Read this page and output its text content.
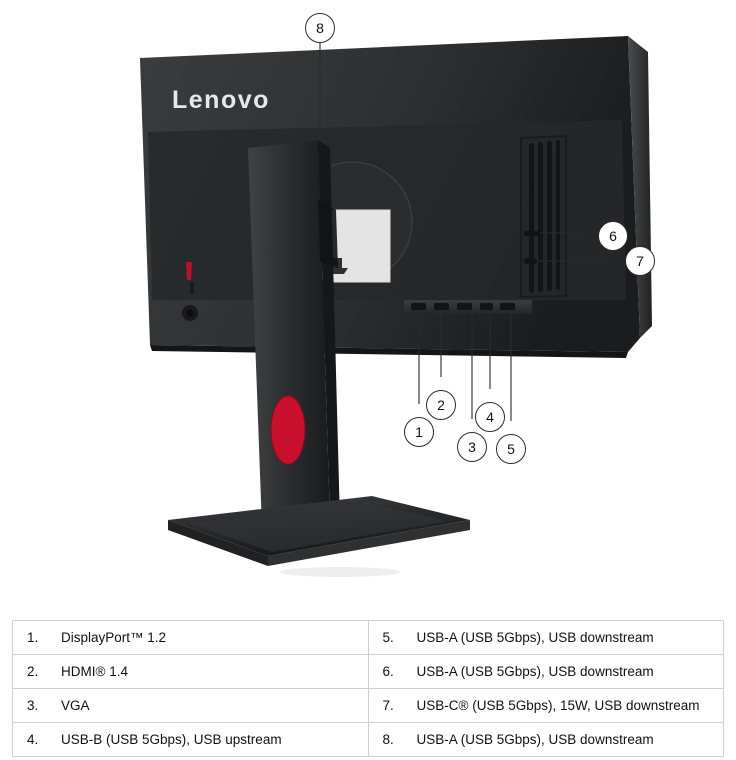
Lenovo
1
2
3
4
5
6
7
8
1.	DisplayPort™ 1.2	5.	USB-A (USB 5Gbps), USB downstream
2.	HDMI® 1.4	6.	USB-A (USB 5Gbps), USB downstream
3.	VGA	7.	USB-C® (USB 5Gbps), 15W, USB downstream
4.	USB-B (USB 5Gbps), USB upstream	8.	USB-A (USB 5Gbps), USB downstream
